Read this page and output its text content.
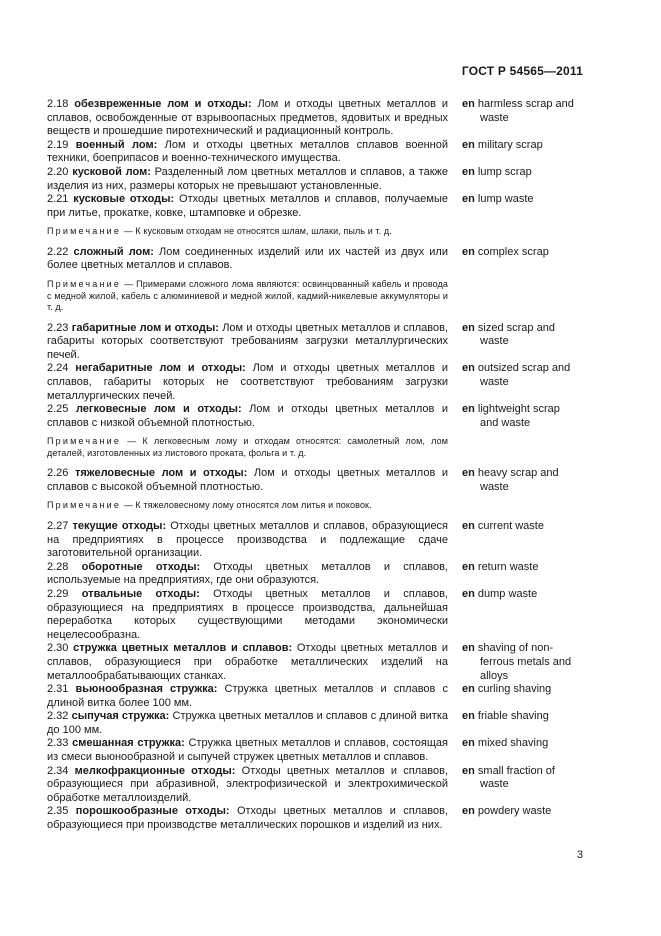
ГОСТ Р 54565—2011
2.18 обезвреженные лом и отходы: Лом и отходы цветных металлов и сплавов, освобожденные от взрывоопасных предметов, ядовитых и вредных веществ и прошедшие пиротехнический и радиационный контроль.
en harmless scrap and
waste
2.19 военный лом: Лом и отходы цветных металлов сплавов военной техники, боеприпасов и военно-технического имущества.
en military scrap
2.20 кусковой лом: Разделенный лом цветных металлов и сплавов, а также изделия из них, размеры которых не превышают установленные.
en lump scrap
2.21 кусковые отходы: Отходы цветных металлов и сплавов, получаемые при литье, прокатке, ковке, штамповке и обрезке.
en lump waste
Примечание — К кусковым отходам не относятся шлам, шлаки, пыль и т. д.
2.22 сложный лом: Лом соединенных изделий или их частей из двух или более цветных металлов и сплавов.
en complex scrap
Примечание — Примерами сложного лома являются: освинцованный кабель и провода с медной жилой, кабель с алюминиевой и медной жилой, кадмий-никелевые аккумуляторы и т. д.
2.23 габаритные лом и отходы: Лом и отходы цветных металлов и сплавов, габариты которых соответствуют требованиям загрузки металлургических печей.
en sized scrap and
waste
2.24 негабаритные лом и отходы: Лом и отходы цветных металлов и сплавов, габариты которых не соответствуют требованиям загрузки металлургических печей.
en outsized scrap and
waste
2.25 легковесные лом и отходы: Лом и отходы цветных металлов и сплавов с низкой объемной плотностью.
en lightweight scrap
and waste
Примечание — К легковесным лому и отходам относятся: самолетный лом, лом деталей, изготовленных из листового проката, фольга и т. д.
2.26 тяжеловесные лом и отходы: Лом и отходы цветных металлов и сплавов с высокой объемной плотностью.
en heavy scrap and
waste
Примечание — К тяжеловесному лому относятся лом литья и поковок.
2.27 текущие отходы: Отходы цветных металлов и сплавов, образующиеся на предприятиях в процессе производства и подлежащие сдаче заготовительной организации.
en current waste
2.28 оборотные отходы: Отходы цветных металлов и сплавов, используемые на предприятиях, где они образуются.
en return waste
2.29 отвальные отходы: Отходы цветных металлов и сплавов, образующиеся на предприятиях в процессе производства, дальнейшая переработка которых существующими методами экономически нецелесообразна.
en dump waste
2.30 стружка цветных металлов и сплавов: Отходы цветных металлов и сплавов, образующиеся при обработке металлических изделий на металлообрабатывающих станках.
en shaving of non-
ferrous metals and
alloys
2.31 вьюнообразная стружка: Стружка цветных металлов и сплавов с длиной витка более 100 мм.
en curling shaving
2.32 сыпучая стружка: Стружка цветных металлов и сплавов с длиной витка до 100 мм.
en friable shaving
2.33 смешанная стружка: Стружка цветных металлов и сплавов, состоящая из смеси вьюнообразной и сыпучей стружек цветных металлов и сплавов.
en mixed shaving
2.34 мелкофракционные отходы: Отходы цветных металлов и сплавов, образующиеся при абразивной, электрофизической и электрохимической обработке металлоизделий.
en small fraction of
waste
2.35 порошкообразные отходы: Отходы цветных металлов и сплавов, образующиеся при производстве металлических порошков и изделий из них.
en powdery waste
3
